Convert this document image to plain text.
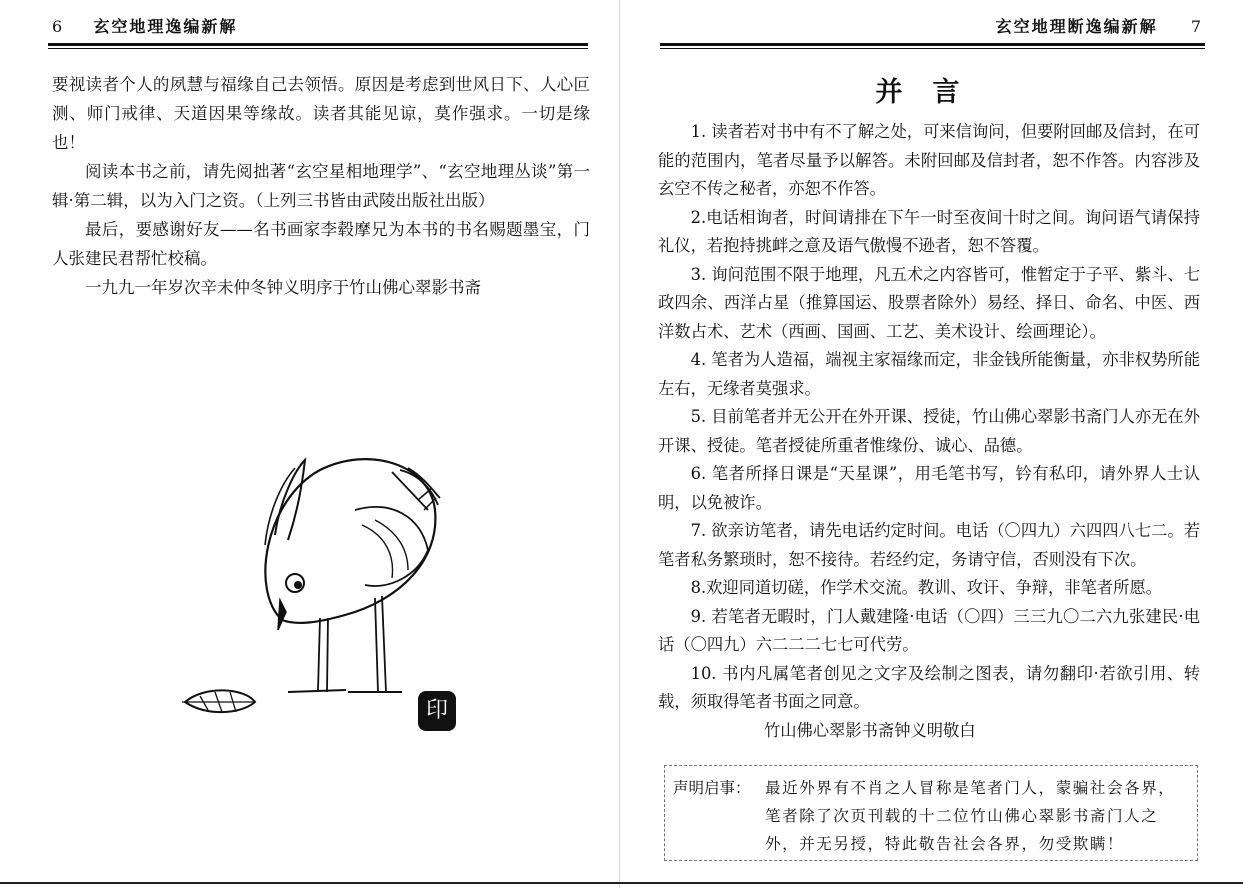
6 玄空地理逸编新解

要视读者个人的夙慧与福缘自己去领悟。原因是考虑到世风日下、人心叵测、师门戒律、天道因果等缘故。读者其能见谅，莫作强求。一切是缘也！

阅读本书之前，请先阅拙著“玄空星相地理学”、“玄空地理丛谈”第一辑·第二辑，以为入门之资。（上列三书皆由武陵出版社出版）

最后，要感谢好友——名书画家李毂摩兄为本书的书名赐题墨宝，门人张建民君帮忙校稿。

一九九一年岁次辛未仲冬钟义明序于竹山佛心翠影书斋

印
玄空地理断逸编新解 7
并言

1. 读者若对书中有不了解之处，可来信询问，但要附回邮及信封，在可能的范围内，笔者尽量予以解答。未附回邮及信封者，恕不作答。内容涉及玄空不传之秘者，亦恕不作答。

2.电话相询者，时间请排在下午一时至夜间十时之间。询问语气请保持礼仪，若抱持挑衅之意及语气傲慢不逊者，恕不答覆。

3. 询问范围不限于地理，凡五术之内容皆可，惟暂定于子平、紫斗、七政四余、西洋占星（推算国运、股票者除外）易经、择日、命名、中医、西洋数占术、艺术（西画、国画、工艺、美术设计、绘画理论）。

4. 笔者为人造福，端视主家福缘而定，非金钱所能衡量，亦非权势所能左右，无缘者莫强求。

5. 目前笔者并无公开在外开课、授徒，竹山佛心翠影书斋门人亦无在外开课、授徒。笔者授徒所重者惟缘份、诚心、品德。

6. 笔者所择日课是“天星课”，用毛笔书写，钤有私印，请外界人士认明，以免被诈。

7. 欲亲访笔者，请先电话约定时间。电话（〇四九）六四四八七二。若笔者私务繁琐时，恕不接待。若经约定，务请守信，否则没有下次。

8.欢迎同道切磋，作学术交流。教训、攻讦、争辩，非笔者所愿。

9. 若笔者无暇时，门人戴建隆·电话（〇四）三三九〇二六九张建民·电话（〇四九）六二二二七七可代劳。

10. 书内凡属笔者创见之文字及绘制之图表，请勿翻印·若欲引用、转载，须取得笔者书面之同意。

竹山佛心翠影书斋钟义明敬白

声明启事： 最近外界有不肖之人冒称是笔者门人，蒙骗社会各界，笔者除了次页刊载的十二位竹山佛心翠影书斋门人之外，并无另授，特此敬告社会各界，勿受欺瞒！
